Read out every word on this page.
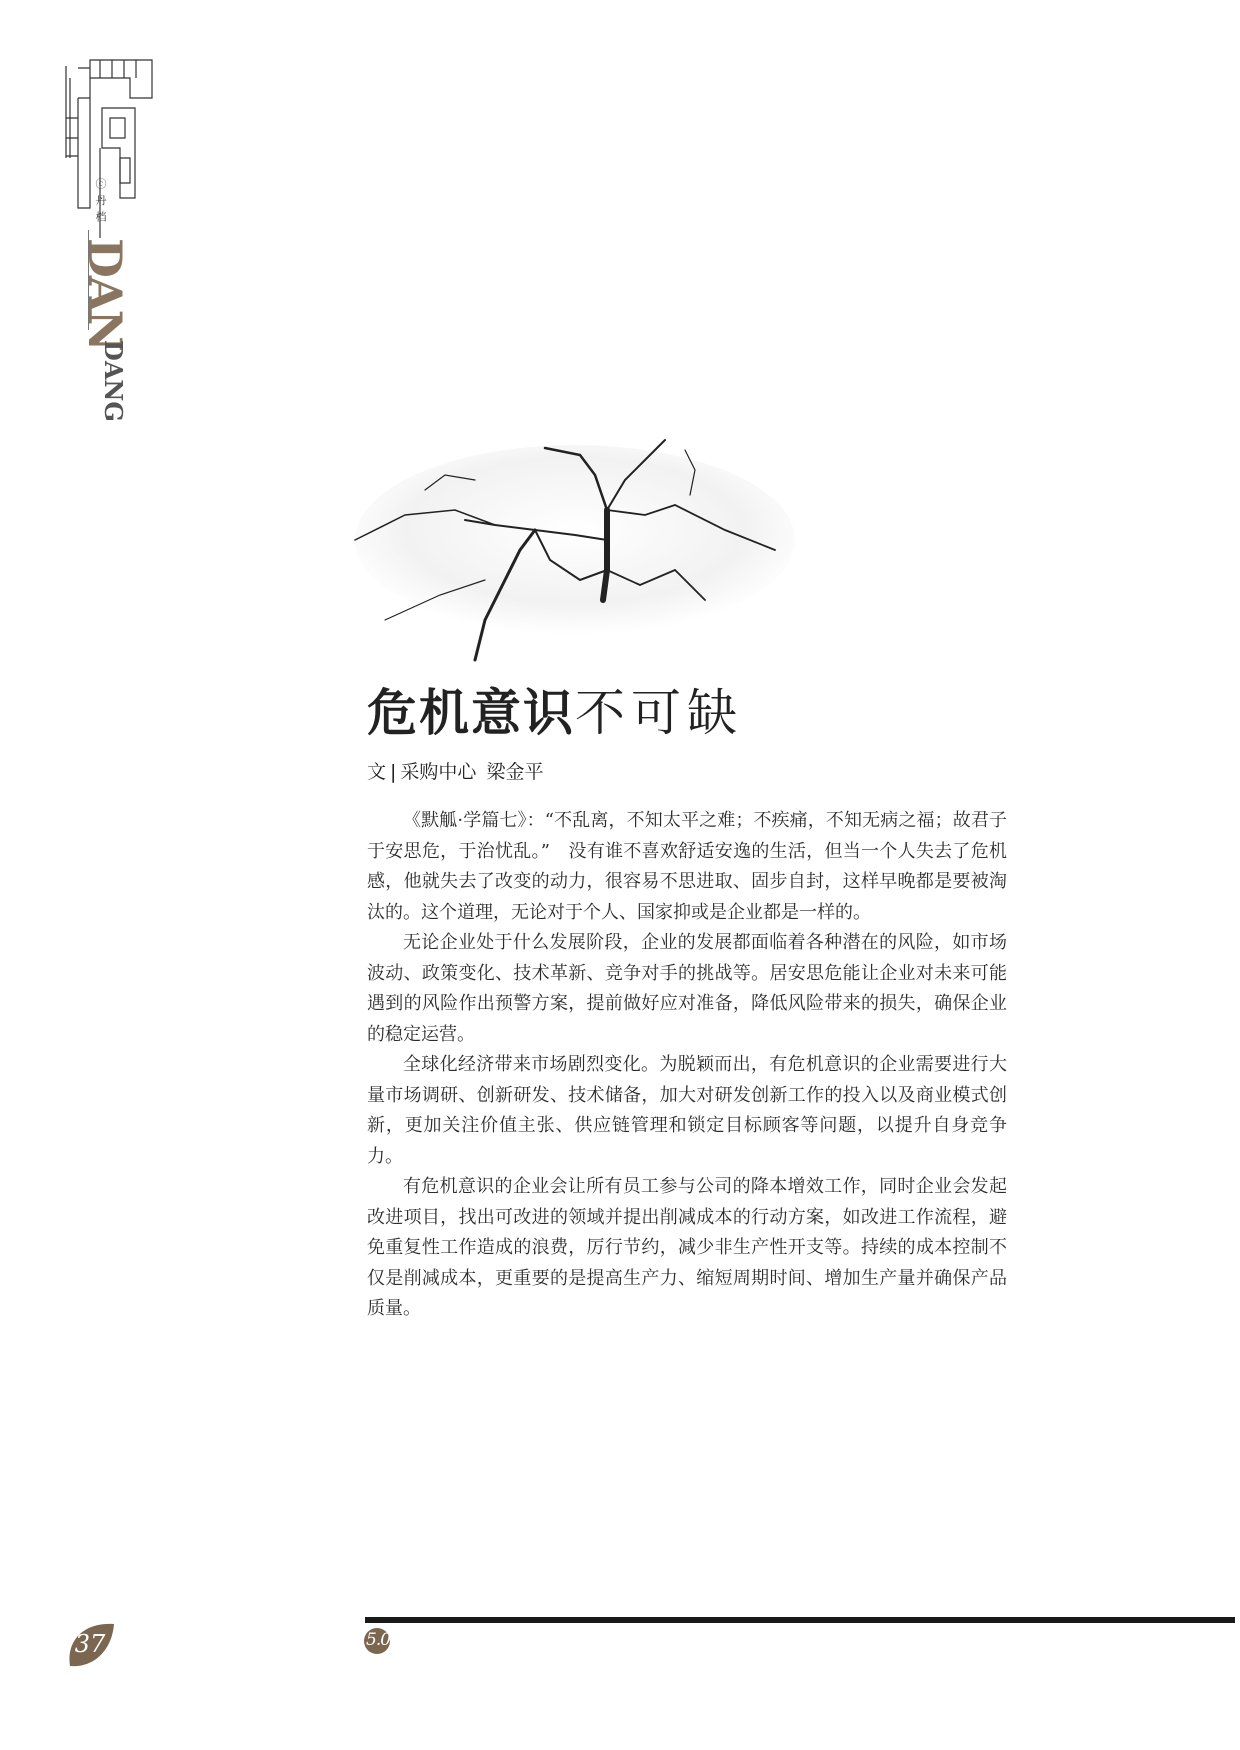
ⓒ 丹 档
DAN
DANG
危机意识不可缺
文 | 采购中心 梁金平

《默觚·学篇七》：“不乱离，不知太平之难；不疾痛，不知无病之福；故君子于安思危，于治忧乱。”　没有谁不喜欢舒适安逸的生活，但当一个人失去了危机感，他就失去了改变的动力，很容易不思进取、固步自封，这样早晚都是要被淘汰的。这个道理，无论对于个人、国家抑或是企业都是一样的。

无论企业处于什么发展阶段，企业的发展都面临着各种潜在的风险，如市场波动、政策变化、技术革新、竞争对手的挑战等。居安思危能让企业对未来可能遇到的风险作出预警方案，提前做好应对准备，降低风险带来的损失，确保企业的稳定运营。

全球化经济带来市场剧烈变化。为脱颖而出，有危机意识的企业需要进行大量市场调研、创新研发、技术储备，加大对研发创新工作的投入以及商业模式创新，更加关注价值主张、供应链管理和锁定目标顾客等问题，以提升自身竞争力。

有危机意识的企业会让所有员工参与公司的降本增效工作，同时企业会发起改进项目，找出可改进的领域并提出削减成本的行动方案，如改进工作流程，避免重复性工作造成的浪费，厉行节约，减少非生产性开支等。持续的成本控制不仅是削减成本，更重要的是提高生产力、缩短周期时间、增加生产量并确保产品质量。

37	5.0
